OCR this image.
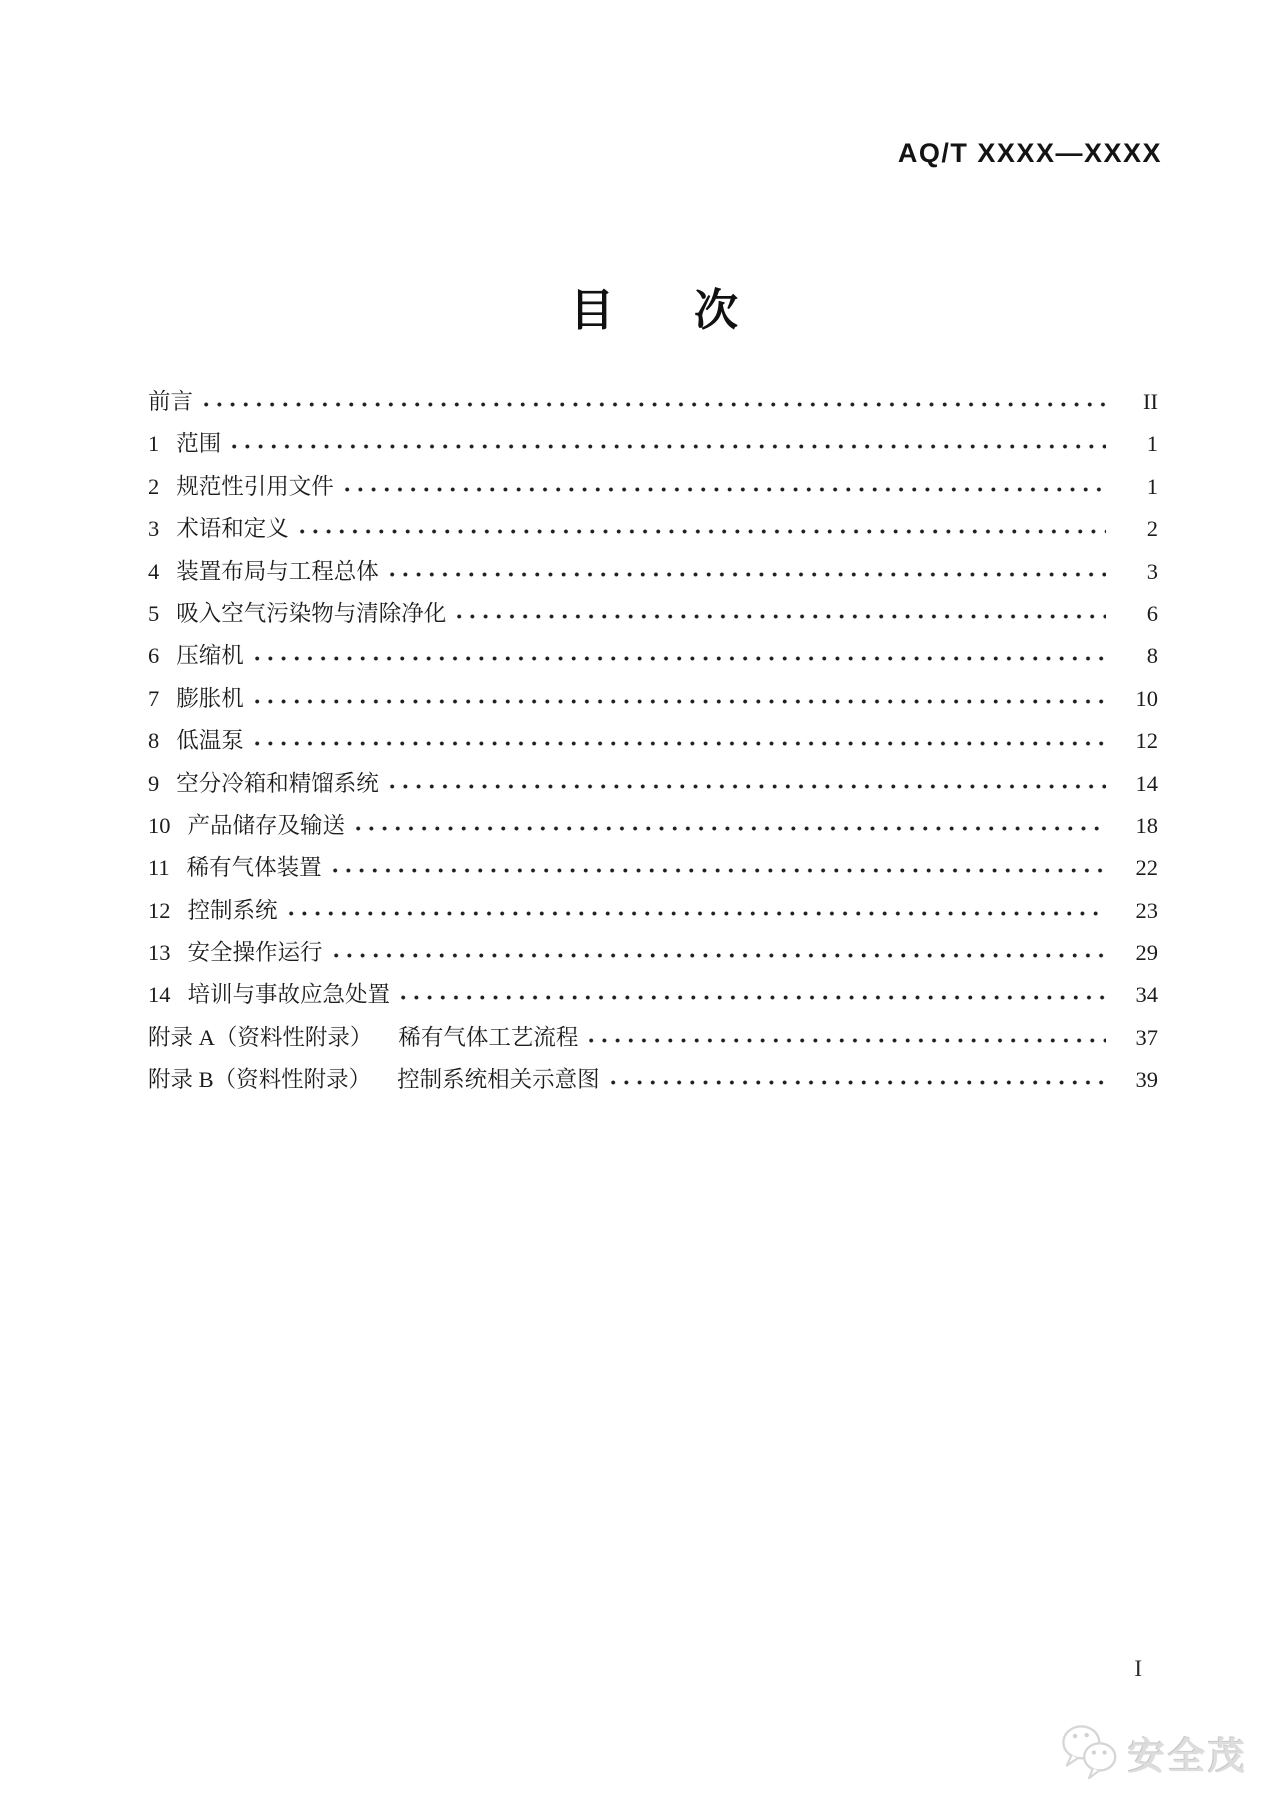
AQ/T XXXX—XXXX
目　次
前言	II
1 范围	1
2 规范性引用文件	1
3 术语和定义	2
4 装置布局与工程总体	3
5 吸入空气污染物与清除净化	6
6 压缩机	8
7 膨胀机	10
8 低温泵	12
9 空分冷箱和精馏系统	14
10 产品储存及输送	18
11 稀有气体装置	22
12 控制系统	23
13 安全操作运行	29
14 培训与事故应急处置	34
附录 A（资料性附录） 稀有气体工艺流程	37
附录 B（资料性附录） 控制系统相关示意图	39
I
安全茂
